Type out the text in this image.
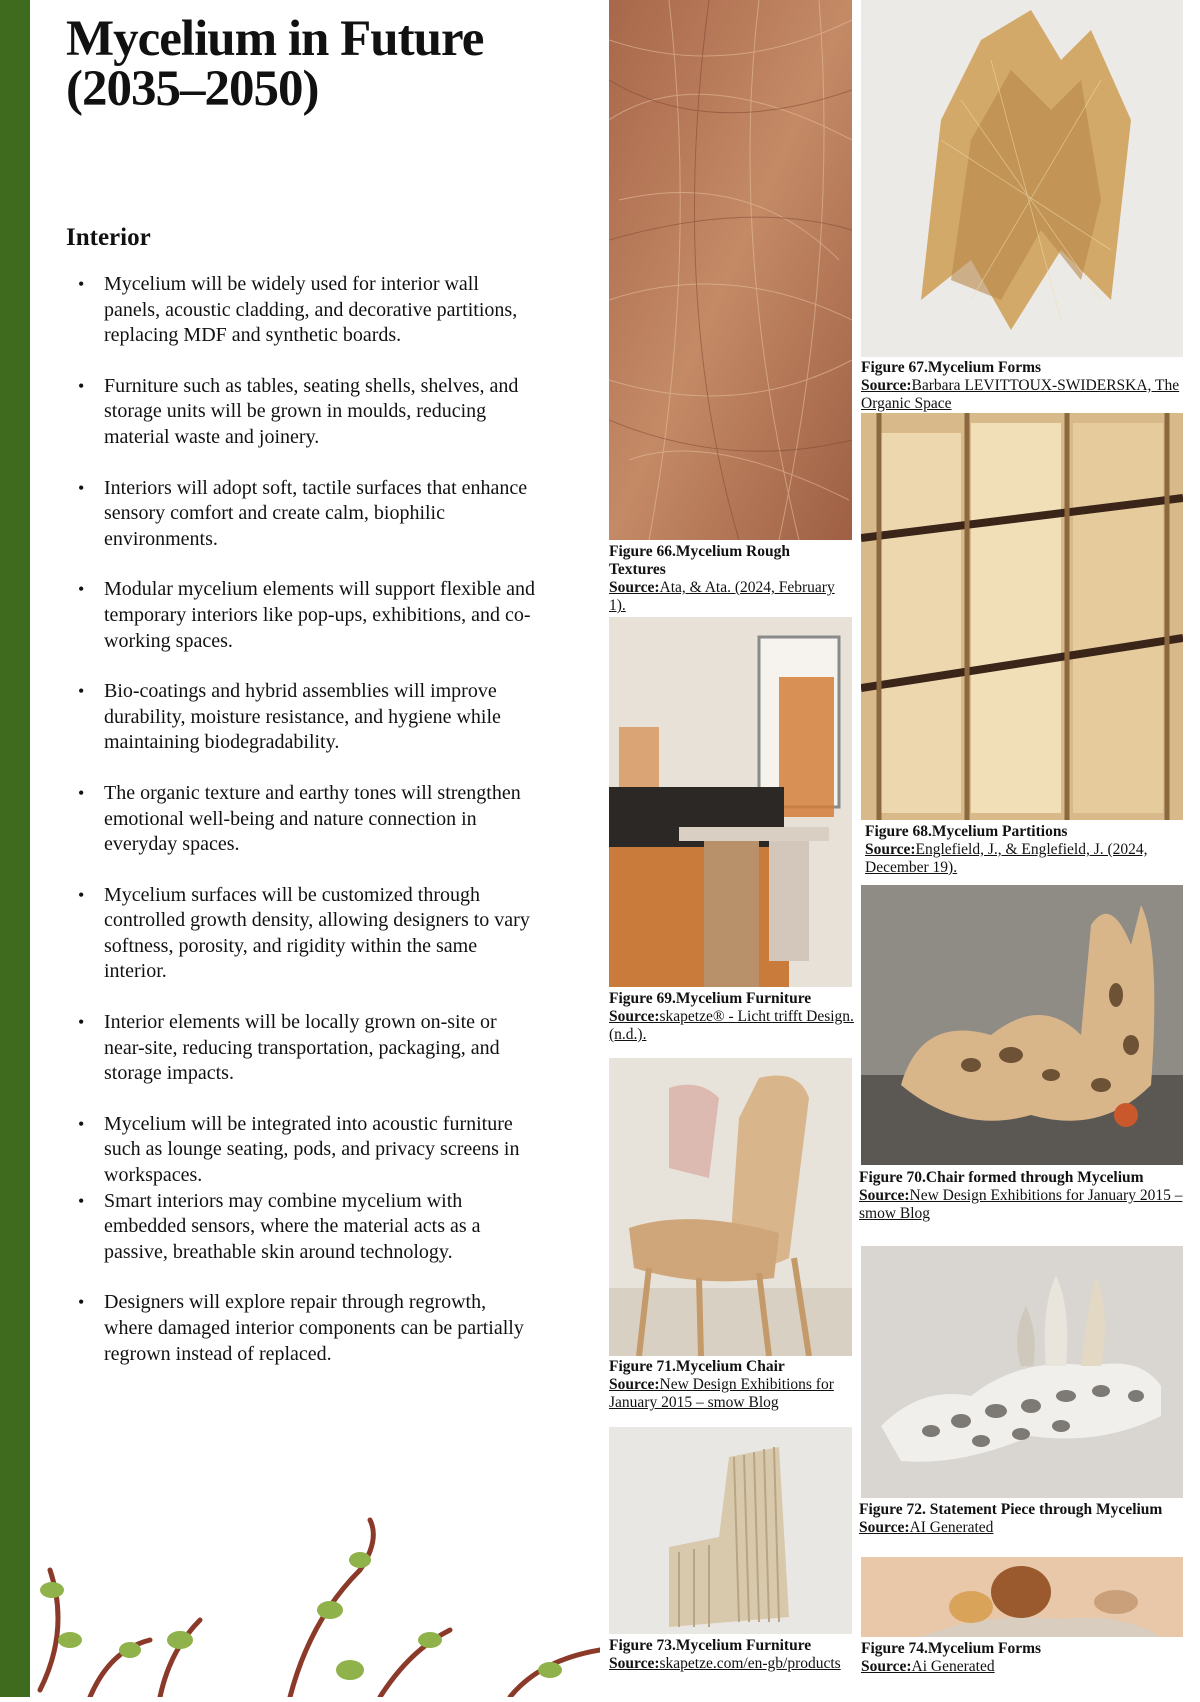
Mycelium in Future (2035–2050)
Interior
• Mycelium will be widely used for interior wall panels, acoustic cladding, and decorative partitions, replacing MDF and synthetic boards.
• Furniture such as tables, seating shells, shelves, and storage units will be grown in moulds, reducing material waste and joinery.
• Interiors will adopt soft, tactile surfaces that enhance sensory comfort and create calm, biophilic environments.
• Modular mycelium elements will support flexible and temporary interiors like pop-ups, exhibitions, and co-working spaces.
• Bio-coatings and hybrid assemblies will improve durability, moisture resistance, and hygiene while maintaining biodegradability.
• The organic texture and earthy tones will strengthen emotional well-being and nature connection in everyday spaces.
• Mycelium surfaces will be customized through controlled growth density, allowing designers to vary softness, porosity, and rigidity within the same interior.
• Interior elements will be locally grown on-site or near-site, reducing transportation, packaging, and storage impacts.
• Mycelium will be integrated into acoustic furniture such as lounge seating, pods, and privacy screens in workspaces.
• Smart interiors may combine mycelium with embedded sensors, where the material acts as a passive, breathable skin around technology.
• Designers will explore repair through regrowth, where damaged interior components can be partially regrown instead of replaced.
Figure 66.Mycelium Rough Textures
Source:Ata, & Ata. (2024, February 1).
Figure 67.Mycelium Forms
Source:Barbara LEVITTOUX-SWIDERSKA, The Organic Space
Figure 68.Mycelium Partitions
Source:Englefield, J., & Englefield, J. (2024, December 19).
Figure 69.Mycelium Furniture
Source:skapetze® - Licht trifft Design. (n.d.).
Figure 70.Chair formed through Mycelium
Source:New Design Exhibitions for January 2015 – smow Blog
Figure 71.Mycelium Chair
Source:New Design Exhibitions for January 2015 – smow Blog
Figure 72. Statement Piece through Mycelium
Source:AI Generated
Figure 73.Mycelium Furniture
Source:skapetze.com/en-gb/products
Figure 74.Mycelium Forms
Source:Ai Generated
